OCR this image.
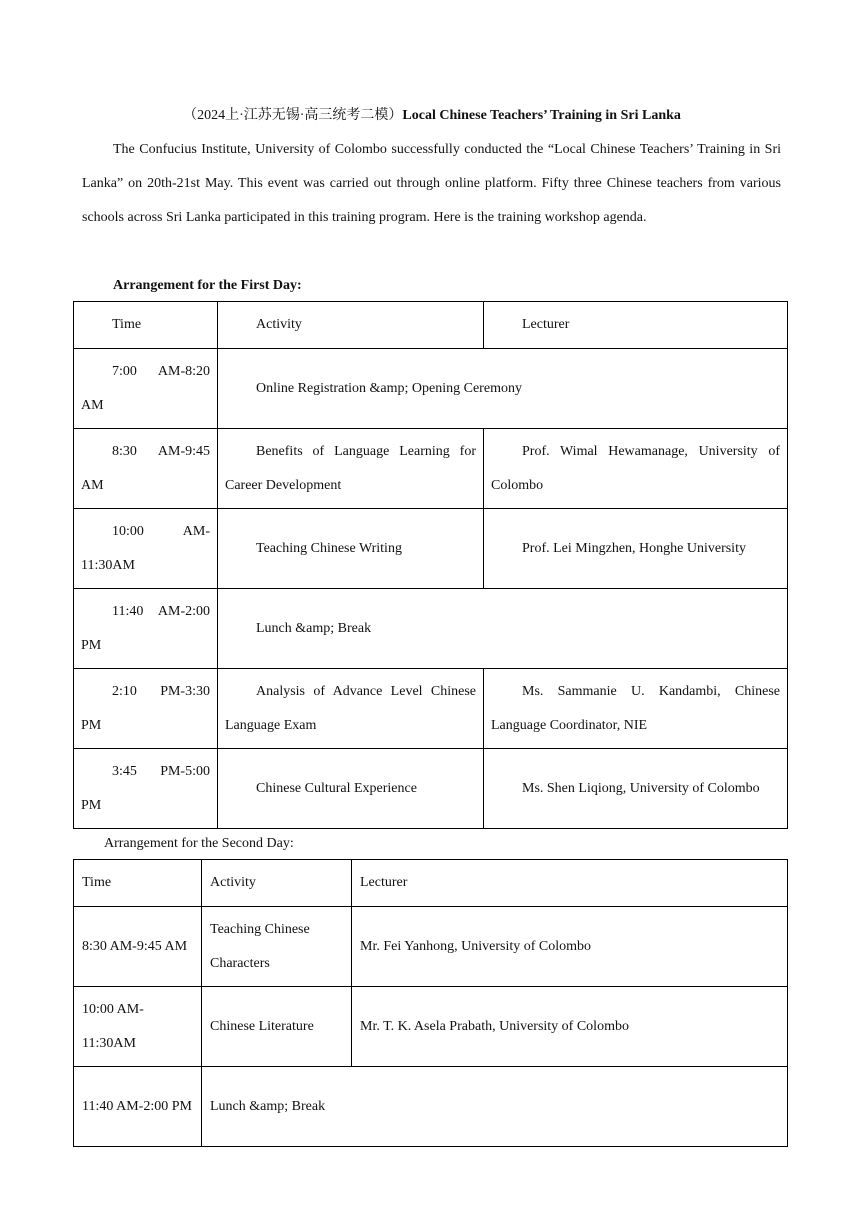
（2024上·江苏无锡·高三统考二模）Local Chinese Teachers’ Training in Sri Lanka

The Confucius Institute, University of Colombo successfully conducted the “Local Chinese Teachers’ Training in Sri Lanka” on 20th-21st May. This event was carried out through online platform. Fifty three Chinese teachers from various schools across Sri Lanka participated in this training program. Here is the training workshop agenda.

Arrangement for the First Day:
Time	Activity	Lecturer
7:00 AM-8:20 AM	Online Registration &amp; Opening Ceremony	
8:30 AM-9:45 AM	Benefits of Language Learning for Career Development	Prof. Wimal Hewamanage, University of Colombo
10:00 AM-11:30AM	Teaching Chinese Writing	Prof. Lei Mingzhen, Honghe University
11:40 AM-2:00 PM	Lunch &amp; Break	
2:10 PM-3:30 PM	Analysis of Advance Level Chinese Language Exam	Ms. Sammanie U. Kandambi, Chinese Language Coordinator, NIE
3:45 PM-5:00 PM	Chinese Cultural Experience	Ms. Shen Liqiong, University of Colombo
Arrangement for the Second Day:
Time	Activity	Lecturer
8:30 AM-9:45 AM	Teaching Chinese Characters	Mr. Fei Yanhong, University of Colombo
10:00 AM-11:30AM	Chinese Literature	Mr. T. K. Asela Prabath, University of Colombo
11:40 AM-2:00 PM	Lunch &amp; Break	
